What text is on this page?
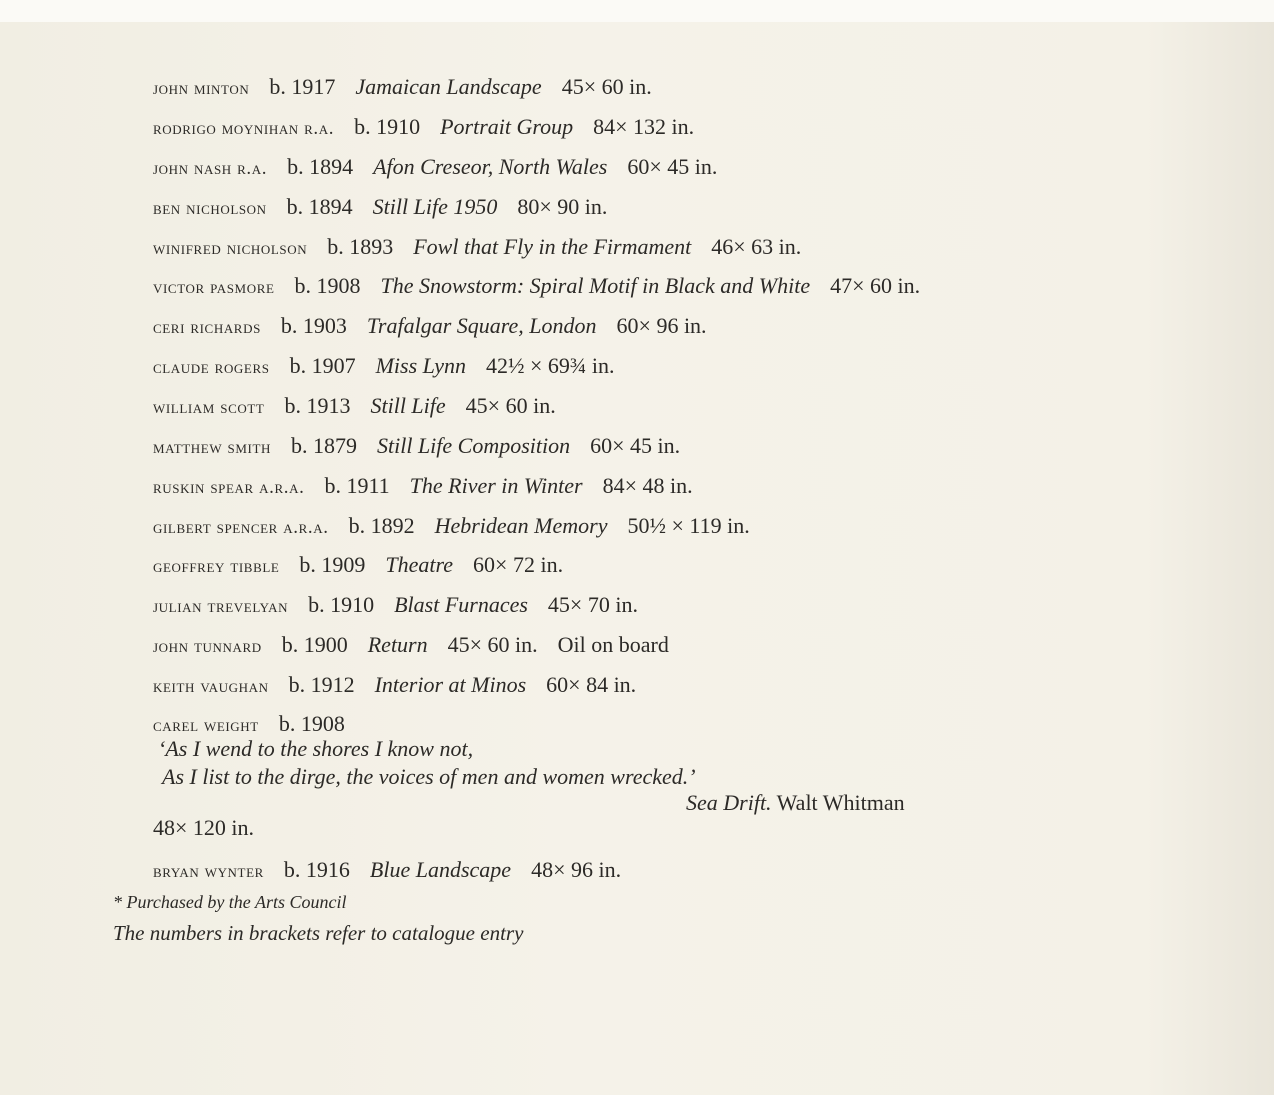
john minton b. 1917 Jamaican Landscape 45× 60 in.
rodrigo moynihan r.a. b. 1910 Portrait Group 84× 132 in.
john nash r.a. b. 1894 Afon Creseor, North Wales 60× 45 in.
ben nicholson b. 1894 Still Life 1950 80× 90 in.
winifred nicholson b. 1893 Fowl that Fly in the Firmament 46× 63 in.
victor pasmore b. 1908 The Snowstorm: Spiral Motif in Black and White 47× 60 in.
ceri richards b. 1903 Trafalgar Square, London 60× 96 in.
claude rogers b. 1907 Miss Lynn 42½ × 69¾ in.
william scott b. 1913 Still Life 45× 60 in.
matthew smith b. 1879 Still Life Composition 60× 45 in.
ruskin spear a.r.a. b. 1911 The River in Winter 84× 48 in.
gilbert spencer a.r.a. b. 1892 Hebridean Memory 50½ × 119 in.
geoffrey tibble b. 1909 Theatre 60× 72 in.
julian trevelyan b. 1910 Blast Furnaces 45× 70 in.
john tunnard b. 1900 Return 45× 60 in. Oil on board
keith vaughan b. 1912 Interior at Minos 60× 84 in.
carel weight b. 1908
bryan wynter b. 1916 Blue Landscape 48× 96 in.
‘As I wend to the shores I know not,
As I list to the dirge, the voices of men and women wrecked.’
Sea Drift. Walt Whitman
48× 120 in.
* Purchased by the Arts Council
The numbers in brackets refer to catalogue entry
